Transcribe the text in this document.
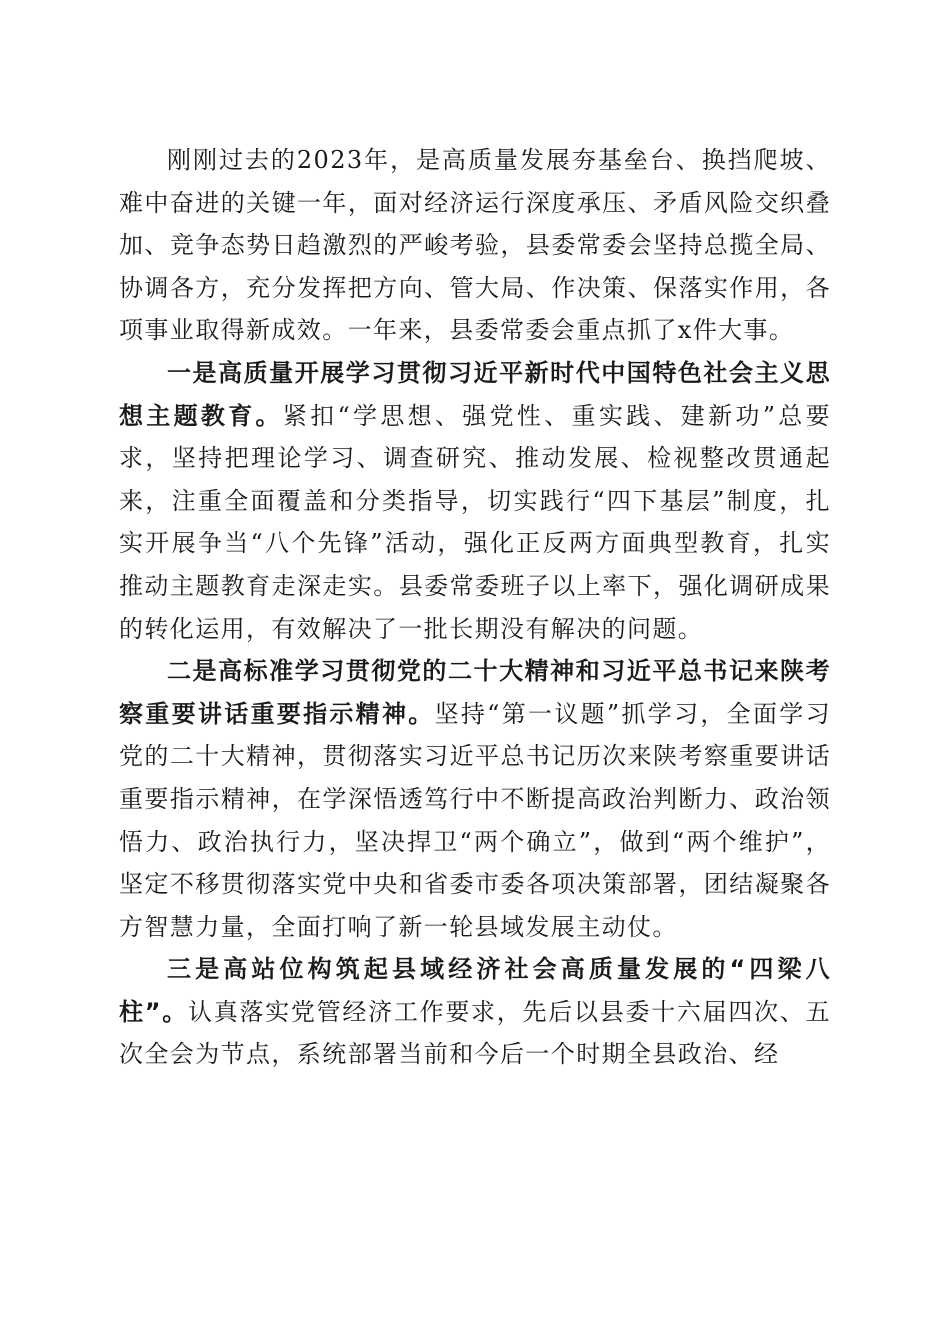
刚刚过去的2023年，是高质量发展夯基垒台、换挡爬坡、难中奋进的关键一年，面对经济运行深度承压、矛盾风险交织叠加、竞争态势日趋激烈的严峻考验，县委常委会坚持总揽全局、协调各方，充分发挥把方向、管大局、作决策、保落实作用，各项事业取得新成效。一年来，县委常委会重点抓了x件大事。

一是高质量开展学习贯彻习近平新时代中国特色社会主义思想主题教育。紧扣“学思想、强党性、重实践、建新功”总要求，坚持把理论学习、调查研究、推动发展、检视整改贯通起来，注重全面覆盖和分类指导，切实践行“四下基层”制度，扎实开展争当“八个先锋”活动，强化正反两方面典型教育，扎实推动主题教育走深走实。县委常委班子以上率下，强化调研成果的转化运用，有效解决了一批长期没有解决的问题。

二是高标准学习贯彻党的二十大精神和习近平总书记来陕考察重要讲话重要指示精神。坚持“第一议题”抓学习，全面学习党的二十大精神，贯彻落实习近平总书记历次来陕考察重要讲话重要指示精神，在学深悟透笃行中不断提高政治判断力、政治领悟力、政治执行力，坚决捍卫“两个确立”，做到“两个维护”，坚定不移贯彻落实党中央和省委市委各项决策部署，团结凝聚各方智慧力量，全面打响了新一轮县域发展主动仗。

三是高站位构筑起县域经济社会高质量发展的“四梁八柱”。认真落实党管经济工作要求，先后以县委十六届四次、五次全会为节点，系统部署当前和今后一个时期全县政治、经
